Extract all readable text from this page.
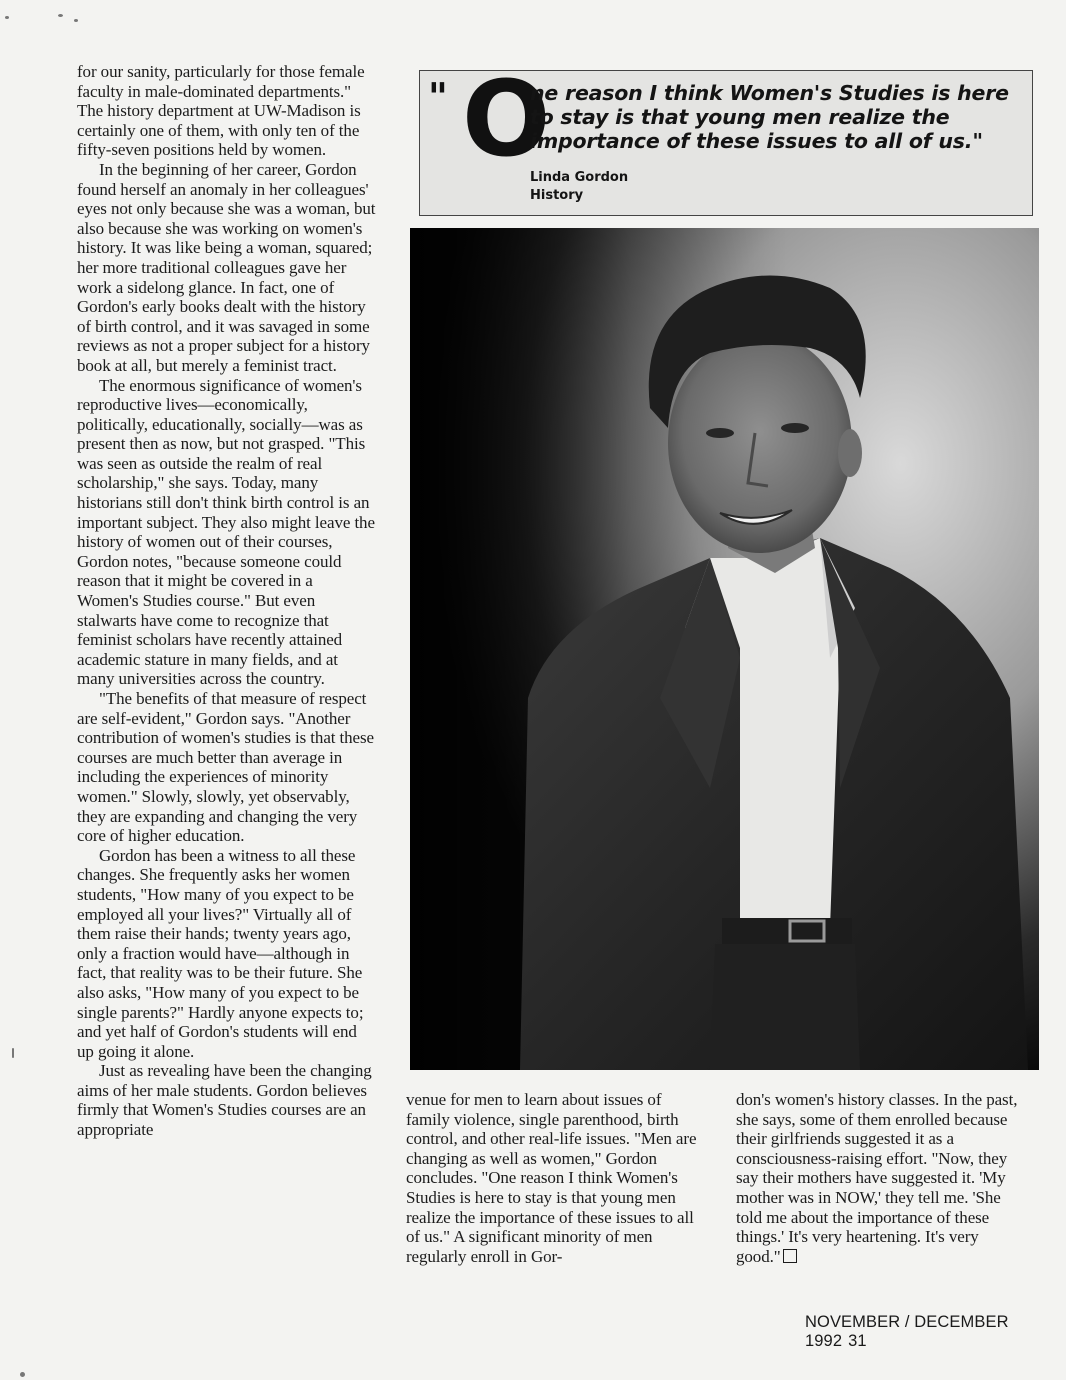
for our sanity, particularly for those female faculty in male-dominated departments." The history department at UW-Madison is certainly one of them, with only ten of the fifty-seven positions held by women.

In the beginning of her career, Gordon found herself an anomaly in her colleagues' eyes not only because she was a woman, but also because she was working on women's history. It was like being a woman, squared; her more traditional colleagues gave her work a sidelong glance. In fact, one of Gordon's early books dealt with the history of birth control, and it was savaged in some reviews as not a proper subject for a history book at all, but merely a feminist tract.

The enormous significance of women's reproductive lives—economically, politically, educationally, socially—was as present then as now, but not grasped. "This was seen as outside the realm of real scholarship," she says. Today, many historians still don't think birth control is an important subject. They also might leave the history of women out of their courses, Gordon notes, "because someone could reason that it might be covered in a Women's Studies course." But even stalwarts have come to recognize that feminist scholars have recently attained academic stature in many fields, and at many universities across the country.

"The benefits of that measure of respect are self-evident," Gordon says. "Another contribution of women's studies is that these courses are much better than average in including the experiences of minority women." Slowly, slowly, yet observably, they are expanding and changing the very core of higher education.

Gordon has been a witness to all these changes. She frequently asks her women students, "How many of you expect to be employed all your lives?" Virtually all of them raise their hands; twenty years ago, only a fraction would have—although in fact, that reality was to be their future. She also asks, "How many of you expect to be single parents?" Hardly anyone expects to; and yet half of Gordon's students will end up going it alone.

Just as revealing have been the changing aims of her male students. Gordon believes firmly that Women's Studies courses are an appropriate

" O
ne reason I think Women's Studies is here to stay is that young men realize the importance of these issues to all of us."
Linda Gordon
History

venue for men to learn about issues of family violence, single parenthood, birth control, and other real-life issues. "Men are changing as well as women," Gordon concludes. "One reason I think Women's Studies is here to stay is that young men realize the importance of these issues to all of us." A significant minority of men regularly enroll in Gor-

don's women's history classes. In the past, she says, some of them enrolled because their girlfriends suggested it as a consciousness-raising effort. "Now, they say their mothers have suggested it. 'My mother was in NOW,' they tell me. 'She told me about the importance of these things.' It's very heartening. It's very good."

NOVEMBER / DECEMBER 1992 31
